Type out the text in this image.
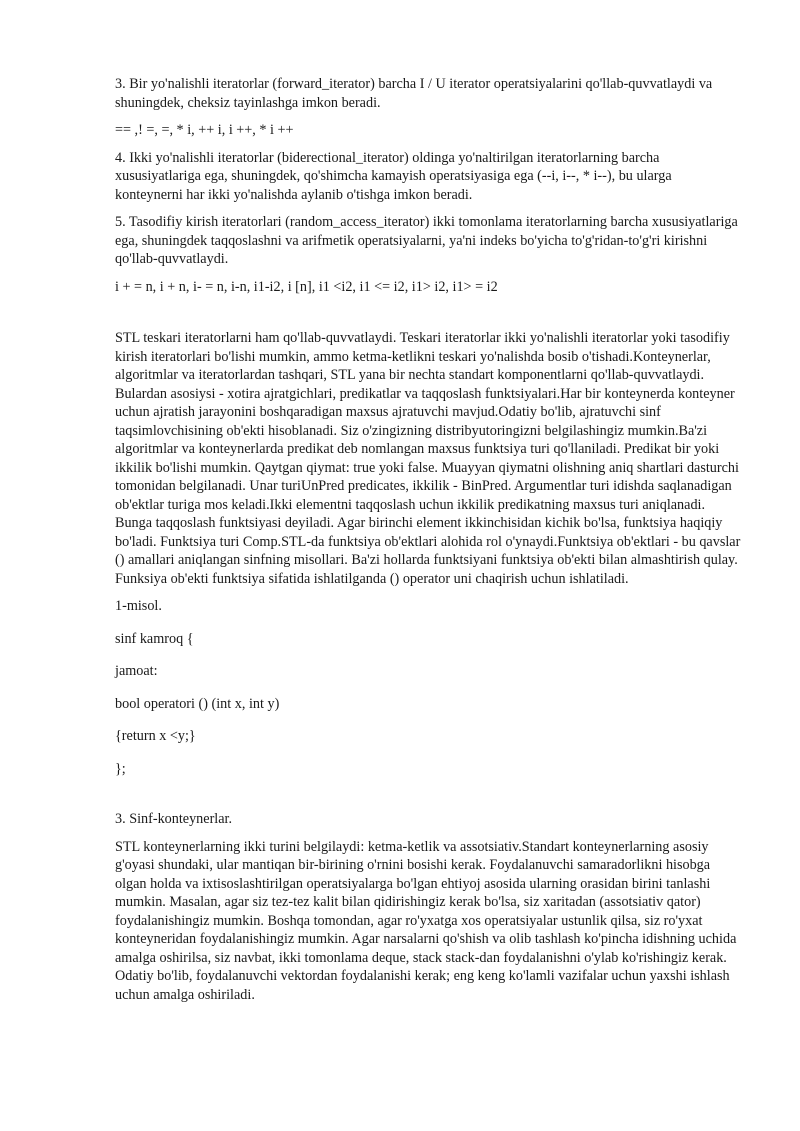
3. Bir yo'nalishli iteratorlar (forward_iterator) barcha I / U iterator operatsiyalarini qo'llab-quvvatlaydi va shuningdek, cheksiz tayinlashga imkon beradi.

== ,! =, =, * i, ++ i, i ++, * i ++

4. Ikki yo'nalishli iteratorlar (biderectional_iterator) oldinga yo'naltirilgan iteratorlarning barcha xususiyatlariga ega, shuningdek, qo'shimcha kamayish operatsiyasiga ega (--i, i--, * i--), bu ularga konteynerni har ikki yo'nalishda aylanib o'tishga imkon beradi.

5. Tasodifiy kirish iteratorlari (random_access_iterator) ikki tomonlama iteratorlarning barcha xususiyatlariga ega, shuningdek taqqoslashni va arifmetik operatsiyalarni, ya'ni indeks bo'yicha to'g'ridan-to'g'ri kirishni qo'llab-quvvatlaydi.

i + = n, i + n, i- = n, i-n, i1-i2, i [n], i1 <i2, i1 <= i2, i1> i2, i1> = i2

STL teskari iteratorlarni ham qo'llab-quvvatlaydi. Teskari iteratorlar ikki yo'nalishli iteratorlar yoki tasodifiy kirish iteratorlari bo'lishi mumkin, ammo ketma-ketlikni teskari yo'nalishda bosib o'tishadi.Konteynerlar, algoritmlar va iteratorlardan tashqari, STL yana bir nechta standart komponentlarni qo'llab-quvvatlaydi. Bulardan asosiysi - xotira ajratgichlari, predikatlar va taqqoslash funktsiyalari.Har bir konteynerda konteyner uchun ajratish jarayonini boshqaradigan maxsus ajratuvchi mavjud.Odatiy bo'lib, ajratuvchi sinf taqsimlovchisining ob'ekti hisoblanadi. Siz o'zingizning distribyutoringizni belgilashingiz mumkin.Ba'zi algoritmlar va konteynerlarda predikat deb nomlangan maxsus funktsiya turi qo'llaniladi. Predikat bir yoki ikkilik bo'lishi mumkin. Qaytgan qiymat: true yoki false. Muayyan qiymatni olishning aniq shartlari dasturchi tomonidan belgilanadi. Unar turiUnPred predicates, ikkilik - BinPred. Argumentlar turi idishda saqlanadigan ob'ektlar turiga mos keladi.Ikki elementni taqqoslash uchun ikkilik predikatning maxsus turi aniqlanadi. Bunga taqqoslash funktsiyasi deyiladi. Agar birinchi element ikkinchisidan kichik bo'lsa, funktsiya haqiqiy bo'ladi. Funktsiya turi Comp.STL-da funktsiya ob'ektlari alohida rol o'ynaydi.Funktsiya ob'ektlari - bu qavslar () amallari aniqlangan sinfning misollari. Ba'zi hollarda funktsiyani funktsiya ob'ekti bilan almashtirish qulay. Funksiya ob'ekti funktsiya sifatida ishlatilganda () operator uni chaqirish uchun ishlatiladi.

1-misol.

sinf kamroq {

jamoat:

bool operatori () (int x, int y)

{return x <y;}

};

3. Sinf-konteynerlar.

STL konteynerlarning ikki turini belgilaydi: ketma-ketlik va assotsiativ.Standart konteynerlarning asosiy g'oyasi shundaki, ular mantiqan bir-birining o'rnini bosishi kerak. Foydalanuvchi samaradorlikni hisobga olgan holda va ixtisoslashtirilgan operatsiyalarga bo'lgan ehtiyoj asosida ularning orasidan birini tanlashi mumkin. Masalan, agar siz tez-tez kalit bilan qidirishingiz kerak bo'lsa, siz xaritadan (assotsiativ qator) foydalanishingiz mumkin. Boshqa tomondan, agar ro'yxatga xos operatsiyalar ustunlik qilsa, siz ro'yxat konteyneridan foydalanishingiz mumkin. Agar narsalarni qo'shish va olib tashlash ko'pincha idishning uchida amalga oshirilsa, siz navbat, ikki tomonlama deque, stack stack-dan foydalanishni o'ylab ko'rishingiz kerak. Odatiy bo'lib, foydalanuvchi vektordan foydalanishi kerak; eng keng ko'lamli vazifalar uchun yaxshi ishlash uchun amalga oshiriladi.
